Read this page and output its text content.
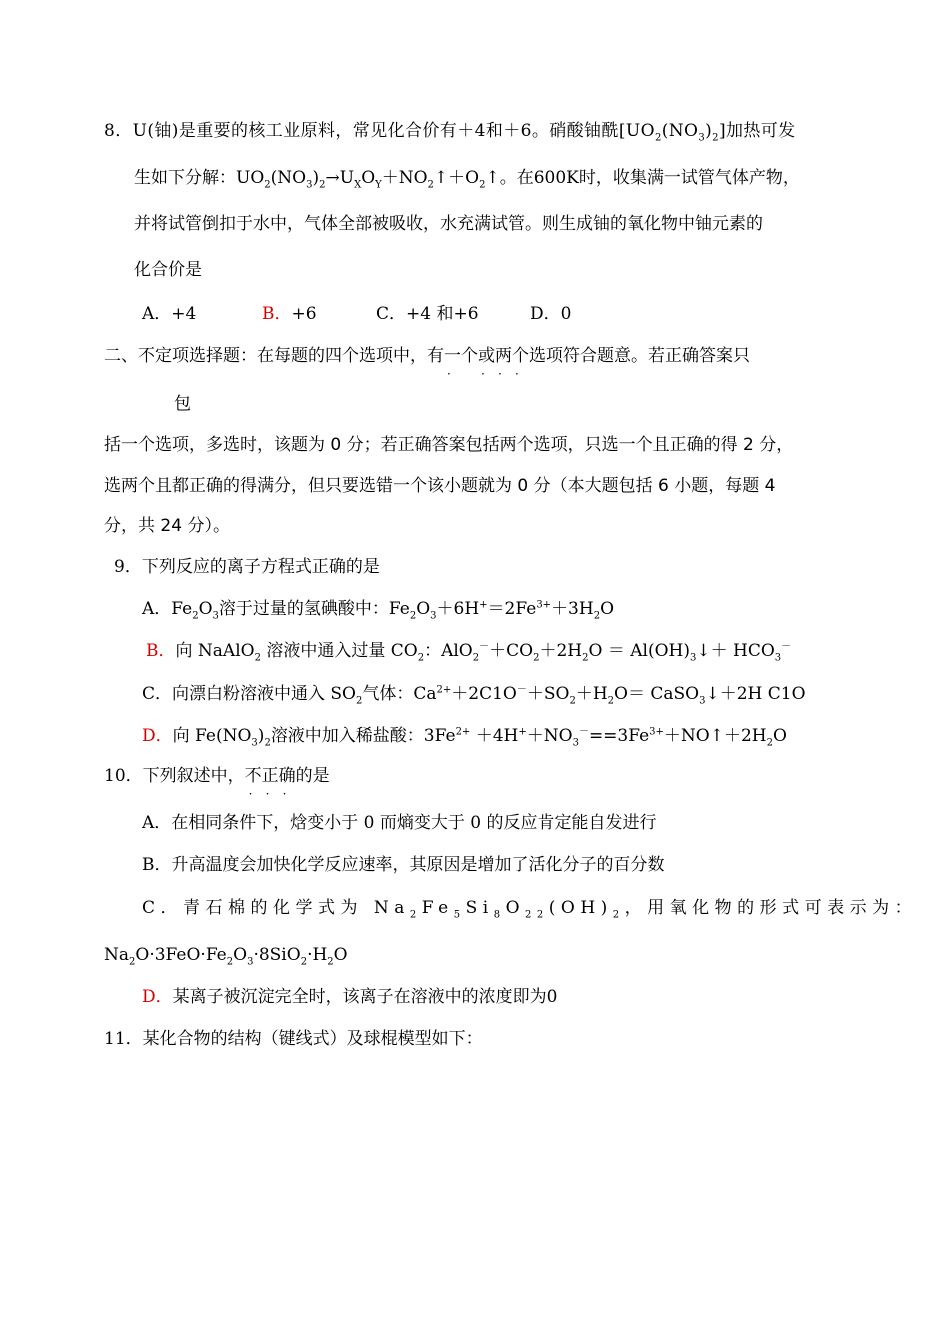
8．U(铀)是重要的核工业原料，常见化合价有＋4和＋6。硝酸铀酰$[UO_2(NO_3)_2]$加热可发
生如下分解：$UO_2(NO_3)_2\to U_XO_Y+NO_2↑+O_2↑$。在600K时，收集满一试管气体产物，
并将试管倒扣于水中，气体全部被吸收，水充满试管。则生成铀的氧化物中铀元素的
化合价是
A．+4	B．+6	C．+4 和+6	D．0
二、不定项选择题：在每题的四个选项中，有一个或两个
·	· · ·
选项符合题意。若正确答案只
包
括一个选项，多选时，该题为 0 分；若正确答案包括两个选项，只选一个且正确的得 2 分，
选两个且都正确的得满分，但只要选错一个该小题就为 0 分（本大题包括 6 小题，每题 4
分，共 24 分）。
9．下列反应的离子方程式正确的是
A．$Fe_2O_3$溶于过量的氢碘酸中：$Fe_2O_3+6H^+=2Fe^{3+}+3H_2O$
B．向 NaAlO$_2$ 溶液中通入过量 $CO_2$：$AlO_2^-+CO_2+2H_2O$ ＝ $Al(OH)_3↓+ HCO_3^-$
C．向漂白粉溶液中通入 $SO_2$气体：$Ca^{2+}+2C1O^-+SO_2+H_2O=$ CaSO$_3$↓＋2H C1O
D．向 $Fe(NO_3)_2$溶液中加入稀盐酸：$3Fe^{2+}$ $+4H^++NO_3^-==3Fe^{3+}+NO↑+2H_2O$
10．下列叙述中，不正确
· · ·
的是
A．在相同条件下，焓变小于 0 而熵变大于 0 的反应肯定能自发进行
B．升高温度会加快化学反应速率，其原因是增加了活化分子的百分数
C．青石棉的化学式为 $Na_2Fe_5Si_8O_{22}(OH)_2$，用氧化物的形式可表示为：
$Na_2O\cdot 3FeO\cdot Fe_2O_3\cdot 8SiO_2\cdot H_2O$
D．某离子被沉淀完全时，该离子在溶液中的浓度即为0
11．某化合物的结构（键线式）及球棍模型如下：
